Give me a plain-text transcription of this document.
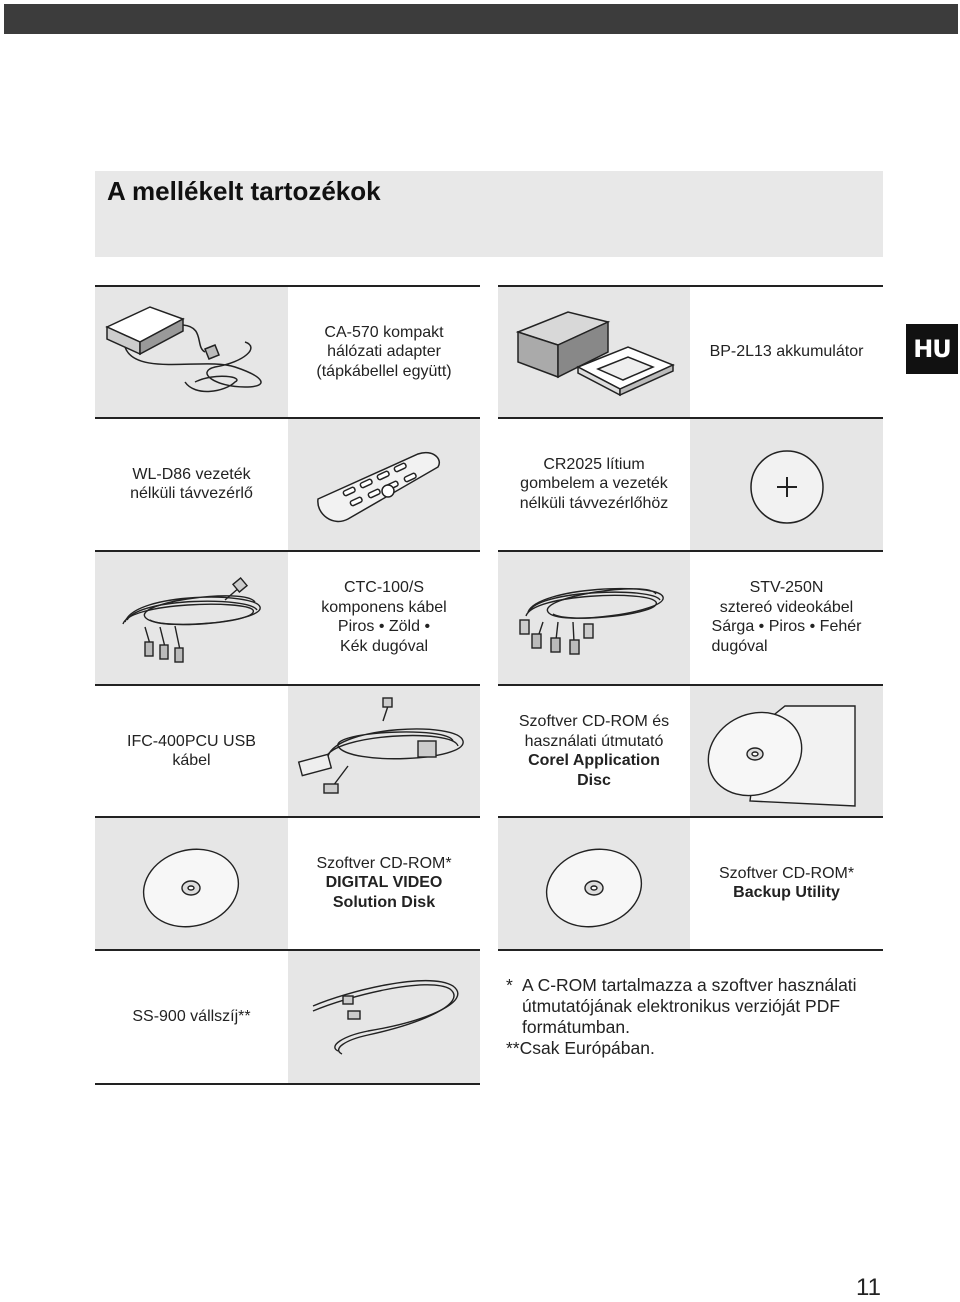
A mellékelt tartozékok
HU
CA-570 kompakt
hálózati adapter
(tápkábellel együtt)
BP-2L13 akkumulátor
WL-D86 vezeték
nélküli távvezérlő
CR2025 lítium
gombelem a vezeték
nélküli távvezérlőhöz
CTC-100/S
komponens kábel
Piros • Zöld •
Kék dugóval
STV-250N
sztereó videokábel
Sárga • Piros • Fehér
dugóval
IFC-400PCU USB
kábel
Szoftver CD-ROM és
használati útmutató
Corel Application
Disc
Szoftver CD-ROM*
DIGITAL VIDEO
Solution Disk
Szoftver CD-ROM*
Backup Utility
SS-900 vállszíj**
* A C-ROM tartalmazza a szoftver használati
útmutatójának elektronikus verzióját PDF
formátumban.
**Csak Európában.
11
